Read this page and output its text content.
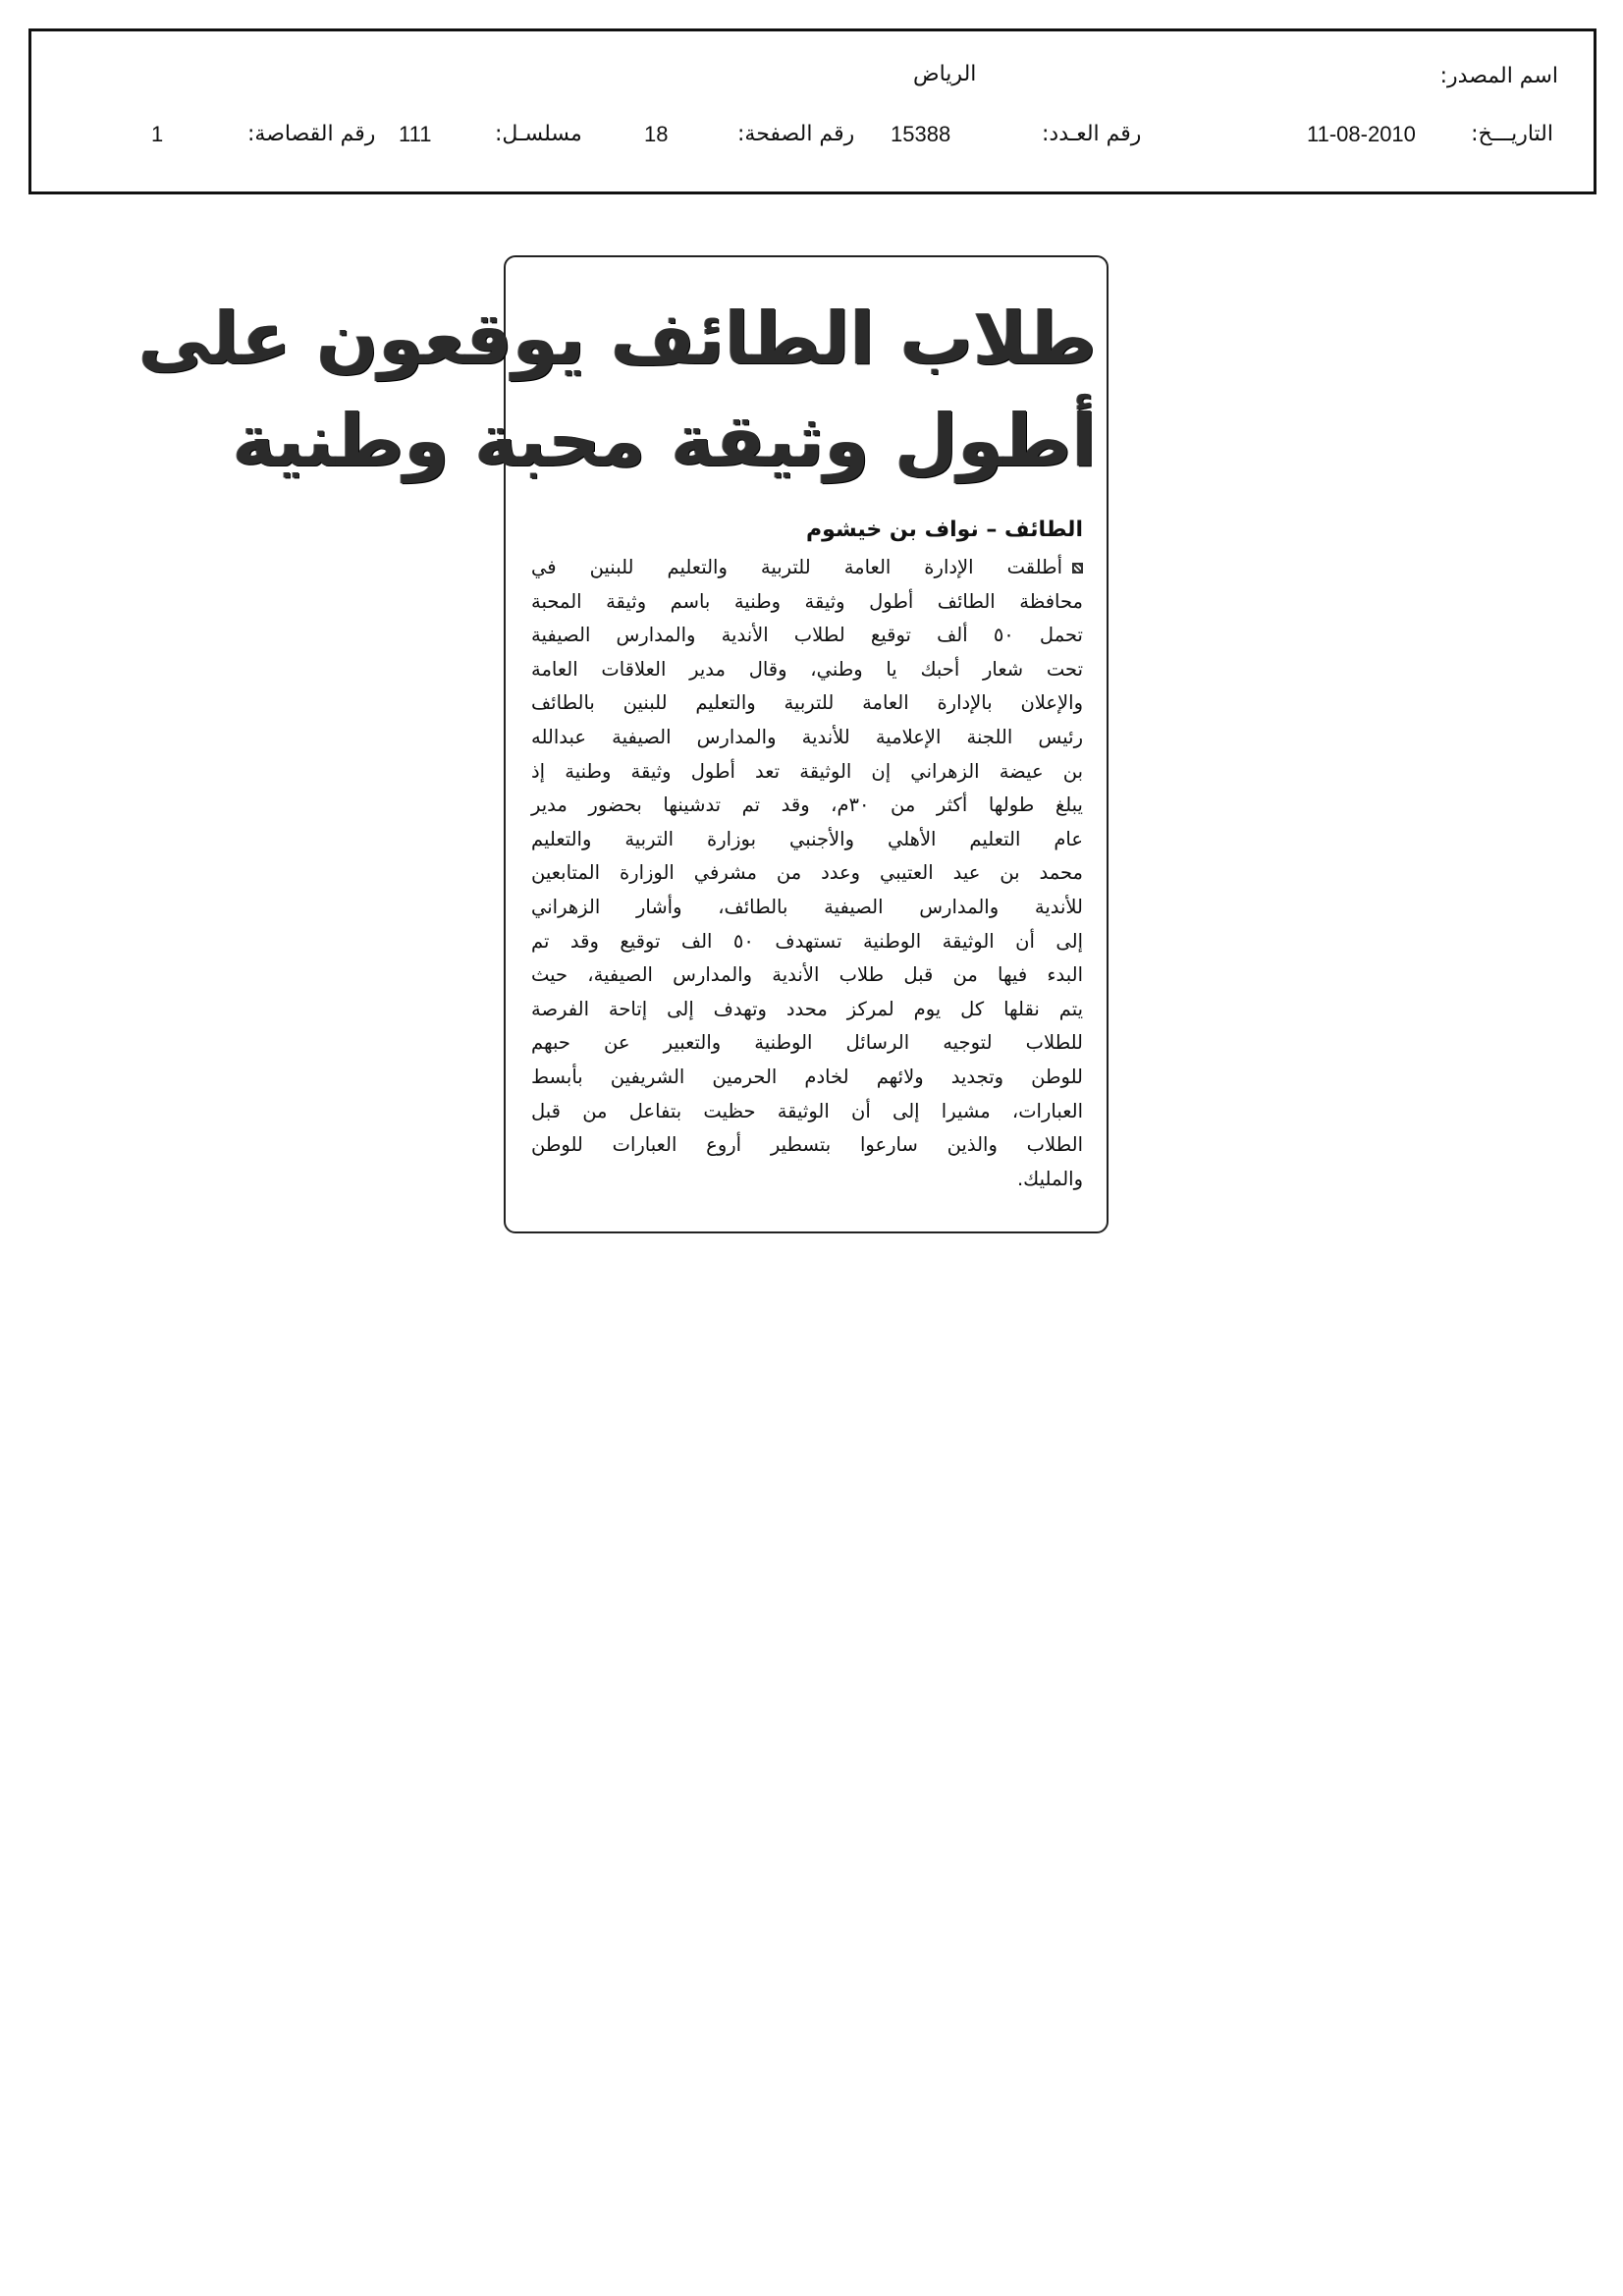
اسم المصدر:
الرياض
التاريـــخ:
11-08-2010
رقم العـدد:
15388
رقم الصفحة:
18
مسلسـل:
111
رقم القصاصة:
1
طلاب الطائف يوقعون على
أطول وثيقة محبة وطنية
الطائف – نواف بن خيشوم
أطلقت الإدارة العامة للتربية والتعليم للبنين في
محافظة الطائف أطول وثيقة وطنية باسم وثيقة المحبة
تحمل ٥٠ ألف توقيع لطلاب الأندية والمدارس الصيفية
تحت شعار أحبك يا وطني، وقال مدير العلاقات العامة
والإعلان بالإدارة العامة للتربية والتعليم للبنين بالطائف
رئيس اللجنة الإعلامية للأندية والمدارس الصيفية عبدالله
بن عيضة الزهراني إن الوثيقة تعد أطول وثيقة وطنية إذ
يبلغ طولها أكثر من ٣٠م، وقد تم تدشينها بحضور مدير
عام التعليم الأهلي والأجنبي بوزارة التربية والتعليم
محمد بن عيد العتيبي وعدد من مشرفي الوزارة المتابعين
للأندية والمدارس الصيفية بالطائف، وأشار الزهراني
إلى أن الوثيقة الوطنية تستهدف ٥٠ الف توقيع وقد تم
البدء فيها من قبل طلاب الأندية والمدارس الصيفية، حيث
يتم نقلها كل يوم لمركز محدد وتهدف إلى إتاحة الفرصة
للطلاب لتوجيه الرسائل الوطنية والتعبير عن حبهم
للوطن وتجديد ولائهم لخادم الحرمين الشريفين بأبسط
العبارات، مشيرا إلى أن الوثيقة حظيت بتفاعل من قبل
الطلاب والذين سارعوا بتسطير أروع العبارات للوطن
والمليك.
